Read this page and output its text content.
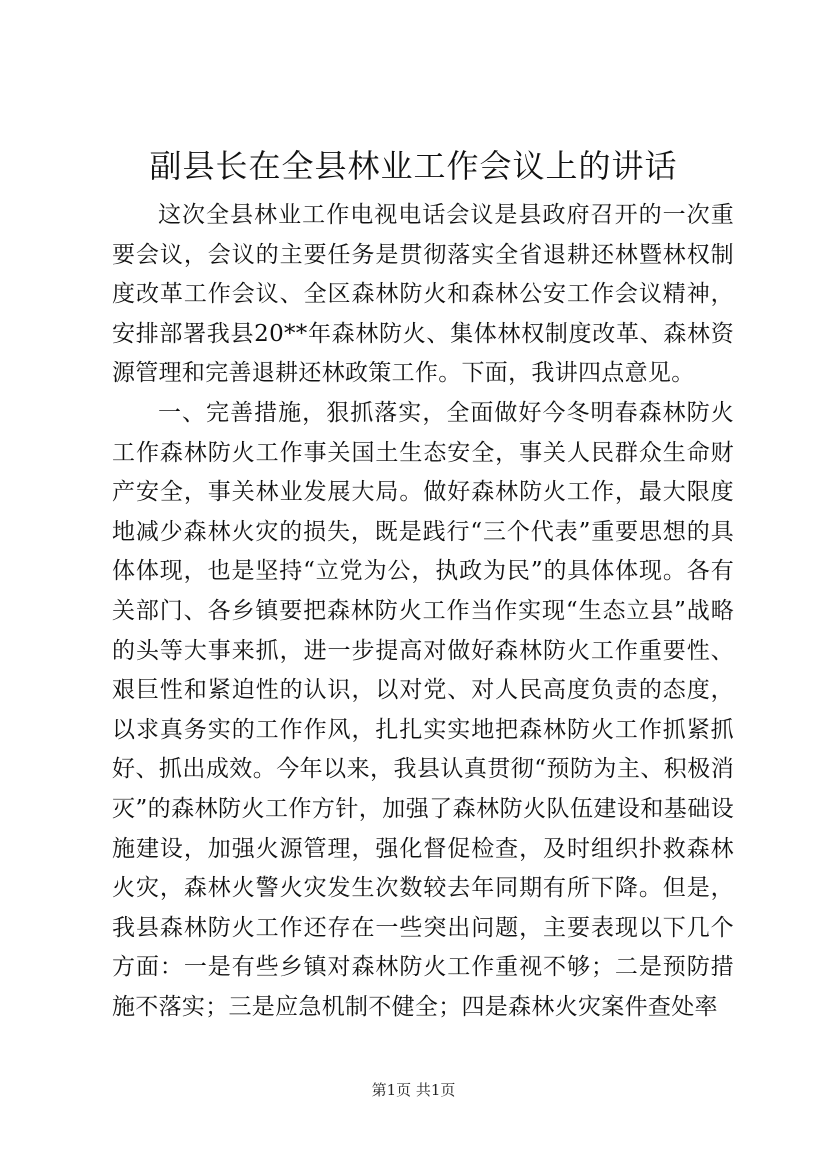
副县长在全县林业工作会议上的讲话

这次全县林业工作电视电话会议是县政府召开的一次重要会议，会议的主要任务是贯彻落实全省退耕还林暨林权制度改革工作会议、全区森林防火和森林公安工作会议精神，安排部署我县20**年森林防火、集体林权制度改革、森林资源管理和完善退耕还林政策工作。下面，我讲四点意见。

一、完善措施，狠抓落实，全面做好今冬明春森林防火工作森林防火工作事关国土生态安全，事关人民群众生命财产安全，事关林业发展大局。做好森林防火工作，最大限度地减少森林火灾的损失，既是践行“三个代表”重要思想的具体体现，也是坚持“立党为公，执政为民”的具体体现。各有关部门、各乡镇要把森林防火工作当作实现“生态立县”战略的头等大事来抓，进一步提高对做好森林防火工作重要性、艰巨性和紧迫性的认识，以对党、对人民高度负责的态度，以求真务实的工作作风，扎扎实实地把森林防火工作抓紧抓好、抓出成效。今年以来，我县认真贯彻“预防为主、积极消灭”的森林防火工作方针，加强了森林防火队伍建设和基础设施建设，加强火源管理，强化督促检查，及时组织扑救森林火灾，森林火警火灾发生次数较去年同期有所下降。但是，我县森林防火工作还存在一些突出问题，主要表现以下几个方面：一是有些乡镇对森林防火工作重视不够；二是预防措施不落实；三是应急机制不健全；四是森林火灾案件查处率

第1页 共1页
